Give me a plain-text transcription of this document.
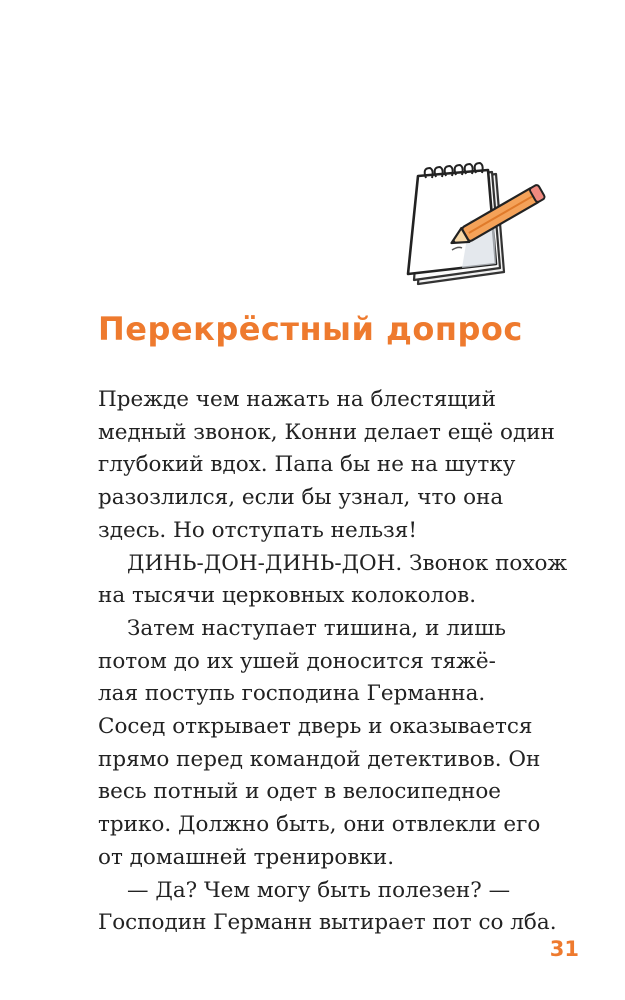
Перекрёстный допрос
Прежде чем нажать на блестящий
медный звонок, Конни делает ещё один
глубокий вдох. Папа бы не на шутку
разозлился, если бы узнал, что она
здесь. Но отступать нельзя!
ДИНЬ-ДОН-ДИНЬ-ДОН. Звонок похож
на тысячи церковных колоколов.
Затем наступает тишина, и лишь
потом до их ушей доносится тяжё-
лая поступь господина Германна.
Сосед открывает дверь и оказывается
прямо перед командой детективов. Он
весь потный и одет в велосипедное
трико. Должно быть, они отвлекли его
от домашней тренировки.
— Да? Чем могу быть полезен? —
Господин Германн вытирает пот со лба.
31
